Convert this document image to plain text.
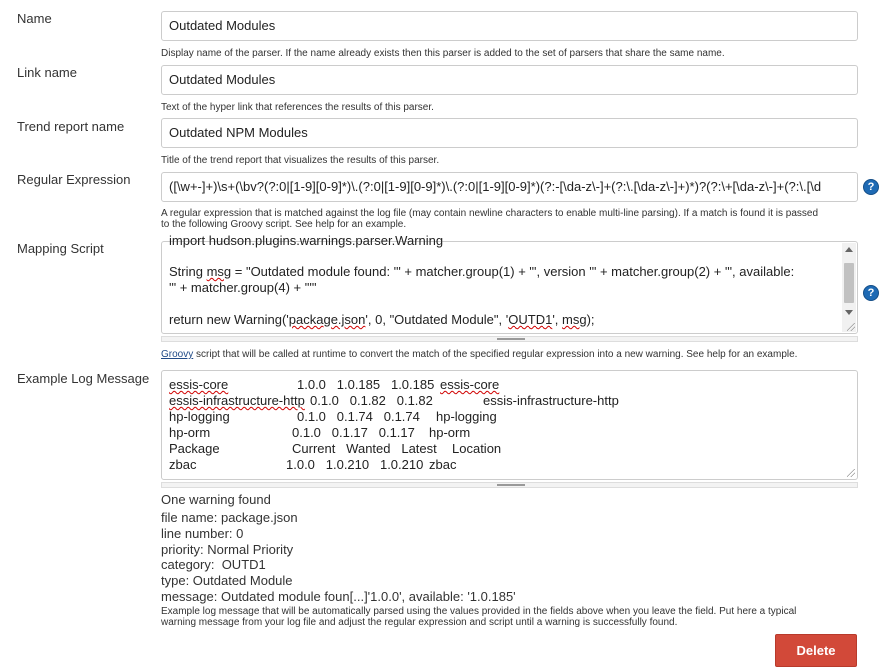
Name	Outdated Modules
Display name of the parser. If the name already exists then this parser is added to the set of parsers that share the same name.
Link name	Outdated Modules
Text of the hyper link that references the results of this parser.
Trend report name	Outdated NPM Modules
Title of the trend report that visualizes the results of this parser.
Regular Expression	([\w+-]+)\s+(\bv?(?:0|[1-9][0-9]*)\.(?:0|[1-9][0-9]*)\.(?:0|[1-9][0-9]*)(?:-[\da-z\-]+(?:\.[\da-z\-]+)*)?(?:\+[\da-z\-]+(?:\.[\d	?
A regular expression that is matched against the log file (may contain newline characters to enable multi-line parsing). If a match is found it is passed
to the following Groovy script. See help for an example.
Mapping Script
import hudson.plugins.warnings.parser.Warning
String msg = "Outdated module found: '" + matcher.group(1) + "', version '" + matcher.group(2) + "', available:
'" + matcher.group(4) + "'"
return new Warning('package.json', 0, "Outdated Module", 'OUTD1', msg);
?
Groovy script that will be called at runtime to convert the match of the specified regular expression into a new warning. See help for an example.
Example Log Message essis-core	1.0.0   1.0.185   1.0.185 essis-core
essis-infrastructure-http 0.1.0   0.1.82   0.1.82	essis-infrastructure-http
hp-logging	0.1.0   0.1.74   0.1.74 hp-logging
hp-orm	0.1.0   0.1.17   0.1.17 hp-orm
Package	Current   Wanted   Latest Location
zbac	1.0.0   1.0.210   1.0.210 zbac
One warning found
file name: package.json
line number: 0
priority: Normal Priority
category:  OUTD1
type: Outdated Module
message: Outdated module foun[...]'1.0.0', available: '1.0.185'
Example log message that will be automatically parsed using the values provided in the fields above when you leave the field. Put here a typical
warning message from your log file and adjust the regular expression and script until a warning is successfully found.
Delete
